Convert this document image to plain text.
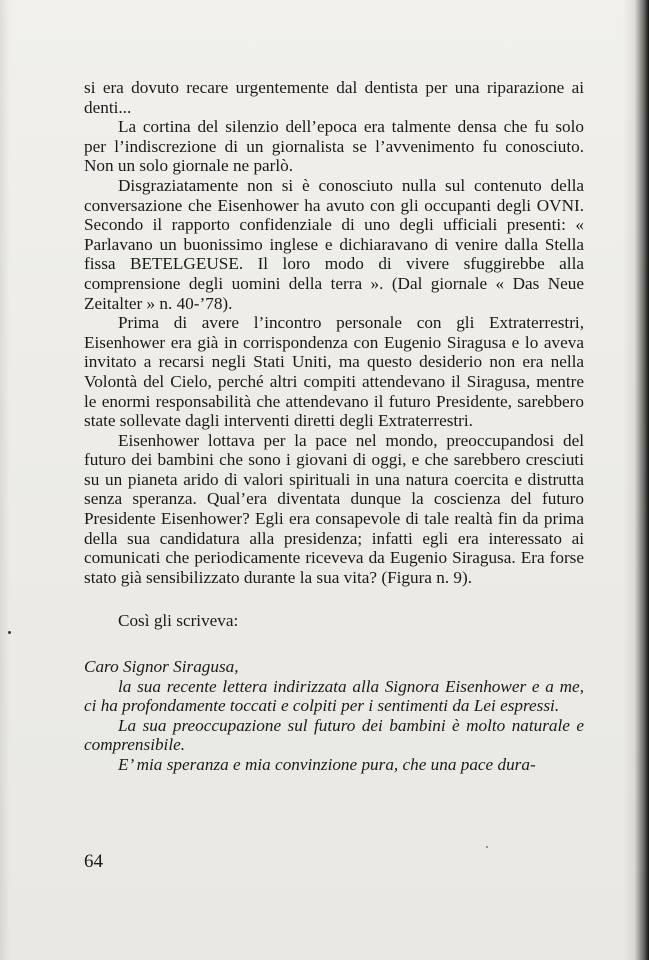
si era dovuto recare urgentemente dal dentista per una riparazione ai denti...

La cortina del silenzio dell’epoca era talmente densa che fu solo per l’indiscrezione di un giornalista se l’avvenimento fu conosciuto. Non un solo giornale ne parlò.

Disgraziatamente non si è conosciuto nulla sul contenuto della conversazione che Eisenhower ha avuto con gli occupanti degli OVNI. Secondo il rapporto confidenziale di uno degli ufficiali presenti: « Parlavano un buonissimo inglese e dichiaravano di venire dalla Stella fissa BETELGEUSE. Il loro modo di vivere sfuggirebbe alla comprensione degli uomini della terra ». (Dal giornale « Das Neue Zeitalter » n. 40-’78).

Prima di avere l’incontro personale con gli Extraterrestri, Eisenhower era già in corrispondenza con Eugenio Siragusa e lo aveva invitato a recarsi negli Stati Uniti, ma questo desiderio non era nella Volontà del Cielo, perché altri compiti attendevano il Siragusa, mentre le enormi responsabilità che attendevano il futuro Presidente, sarebbero state sollevate dagli interventi diretti degli Extraterrestri.

Eisenhower lottava per la pace nel mondo, preoccupandosi del futuro dei bambini che sono i giovani di oggi, e che sarebbero cresciuti su un pianeta arido di valori spirituali in una natura coercita e distrutta senza speranza. Qual’era diventata dunque la coscienza del futuro Presidente Eisenhower? Egli era consapevole di tale realtà fin da prima della sua candidatura alla presidenza; infatti egli era interessato ai comunicati che periodicamente riceveva da Eugenio Siragusa. Era forse stato già sensibilizzato durante la sua vita? (Figura n. 9).

Così gli scriveva:

Caro Signor Siragusa,

la sua recente lettera indirizzata alla Signora Eisenhower e a me, ci ha profondamente toccati e colpiti per i sentimenti da Lei espressi.

La sua preoccupazione sul futuro dei bambini è molto naturale e comprensibile.

E’ mia speranza e mia convinzione pura, che una pace dura-

64
